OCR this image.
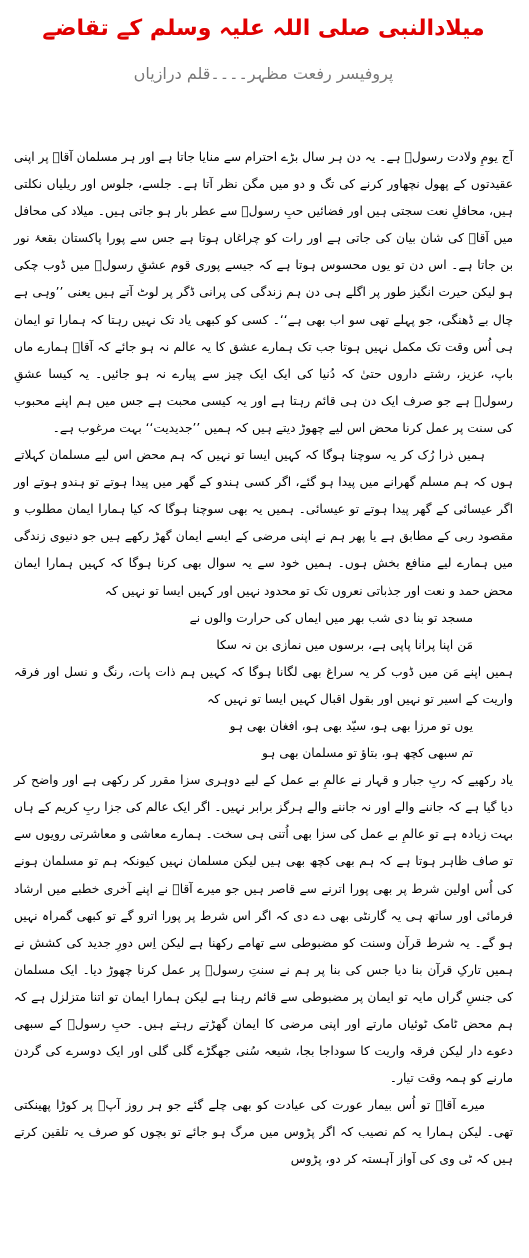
میلادالنبی صلی اللہ علیہ وسلم کے تقاضے
پروفیسر رفعت مظہر۔۔۔۔قلم درازیاں

آج یومِ ولادت رسولﷺ ہے۔ یہ دن ہر سال بڑے احترام سے منایا جاتا ہے اور ہر مسلمان آقاؐ پر اپنی عقیدتوں کے پھول نچھاور کرنے کی تگ و دو میں مگن نظر آتا ہے۔ جلسے، جلوس اور ریلیاں نکلتی ہیں، محافلِ نعت سجتی ہیں اور فضائیں حبِ رسولؐ سے عطر بار ہو جاتی ہیں۔ میلاد کی محافل میں آقاؐ کی شان بیان کی جاتی ہے اور رات کو چراغاں ہوتا ہے جس سے پورا پاکستان بقعۂ نور بن جاتا ہے۔ اس دن تو یوں محسوس ہوتا ہے کہ جیسے پوری قوم عشقِ رسولؐ میں ڈوب چکی ہو لیکن حیرت انگیز طور پر اگلے ہی دن ہم زندگی کی پرانی ڈگر پر لوٹ آتے ہیں یعنی ’’وہی ہے چال بے ڈھنگی، جو پہلے تھی سو اب بھی ہے‘‘۔ کسی کو کبھی یاد تک نہیں رہتا کہ ہمارا تو ایمان ہی اُس وقت تک مکمل نہیں ہوتا جب تک ہمارے عشق کا یہ عالم نہ ہو جائے کہ آقاﷺ ہمارے ماں باپ، عزیز، رشتے داروں حتیٰ کہ دُنیا کی ایک ایک چیز سے پیارے نہ ہو جائیں۔ یہ کیسا عشقِ رسولؐ ہے جو صرف ایک دن ہی قائم رہتا ہے اور یہ کیسی محبت ہے جس میں ہم اپنے محبوب کی سنت پر عمل کرنا محض اس لیے چھوڑ دیتے ہیں کہ ہمیں ’’جدیدیت‘‘ بہت مرغوب ہے۔

ہمیں ذرا رُک کر یہ سوچنا ہوگا کہ کہیں ایسا تو نہیں کہ ہم محض اس لیے مسلمان کہلاتے ہوں کہ ہم مسلم گھرانے میں پیدا ہو گئے، اگر کسی ہندو کے گھر میں پیدا ہوتے تو ہندو ہوتے اور اگر عیسائی کے گھر پیدا ہوتے تو عیسائی۔ ہمیں یہ بھی سوچنا ہوگا کہ کیا ہمارا ایمان مطلوب و مقصود ربی کے مطابق ہے یا پھر ہم نے اپنی مرضی کے ایسے ایمان گھڑ رکھے ہیں جو دنیوی زندگی میں ہمارے لیے منافع بخش ہوں۔ ہمیں خود سے یہ سوال بھی کرنا ہوگا کہ کہیں ہمارا ایمان محض حمد و نعت اور جذباتی نعروں تک تو محدود نہیں اور کہیں ایسا تو نہیں کہ

مسجد تو بنا دی شب بھر میں ایماں کی حرارت والوں نے

مَن اپنا پرانا پاپی ہے، برسوں میں نمازی بن نہ سکا

ہمیں اپنے مَن میں ڈوب کر یہ سراغ بھی لگانا ہوگا کہ کہیں ہم ذات پات، رنگ و نسل اور فرقہ واریت کے اسیر تو نہیں اور بقول اقبال کہیں ایسا تو نہیں کہ

یوں تو مرزا بھی ہو، سیّد بھی ہو، افغان بھی ہو

تم سبھی کچھ ہو، بتاؤ تو مسلمان بھی ہو

یاد رکھیے کہ ربِ جبار و قہار نے عالمِ بے عمل کے لیے دوہری سزا مقرر کر رکھی ہے اور واضح کر دیا گیا ہے کہ جاننے والے اور نہ جاننے والے ہرگز برابر نہیں۔ اگر ایک عالم کی جزا ربِ کریم کے ہاں بہت زیادہ ہے تو عالمِ بے عمل کی سزا بھی اُتنی ہی سخت۔ ہمارے معاشی و معاشرتی رویوں سے تو صاف ظاہر ہوتا ہے کہ ہم بھی کچھ بھی ہیں لیکن مسلمان نہیں کیونکہ ہم تو مسلمان ہونے کی اُس اولین شرط پر بھی پورا اترنے سے قاصر ہیں جو میرے آقاؐ نے اپنے آخری خطبے میں ارشاد فرمائی اور ساتھ ہی یہ گارنٹی بھی دے دی کہ اگر اس شرط پر پورا اترو گے تو کبھی گمراہ نہیں ہو گے۔ یہ شرط قرآن وسنت کو مضبوطی سے تھامے رکھنا ہے لیکن اِس دورِ جدید کی کشش نے ہمیں تارکِ قرآن بنا دیا جس کی بنا پر ہم نے سنتِ رسولؐ پر عمل کرنا چھوڑ دیا۔ ایک مسلمان کی جنسِ گراں مایہ تو ایمان پر مضبوطی سے قائم رہنا ہے لیکن ہمارا ایمان تو اتنا متزلزل ہے کہ ہم محض ٹامک ٹوئیاں مارتے اور اپنی مرضی کا ایمان گھڑتے رہتے ہیں۔ حبِ رسولؐ کے سبھی دعوے دار لیکن فرقہ واریت کا سوداجا بجا، شیعہ سُنی جھگڑے گلی گلی اور ایک دوسرے کی گردن مارنے کو ہمہ وقت تیار۔

میرے آقاؐ تو اُس بیمار عورت کی عیادت کو بھی چلے گئے جو ہر روز آپؐ پر کوڑا پھینکتی تھی۔ لیکن ہمارا یہ کم نصیب کہ اگر پڑوس میں مرگ ہو جائے تو بچوں کو صرف یہ تلقین کرتے ہیں کہ ٹی وی کی آواز آہستہ کر دو، پڑوس
